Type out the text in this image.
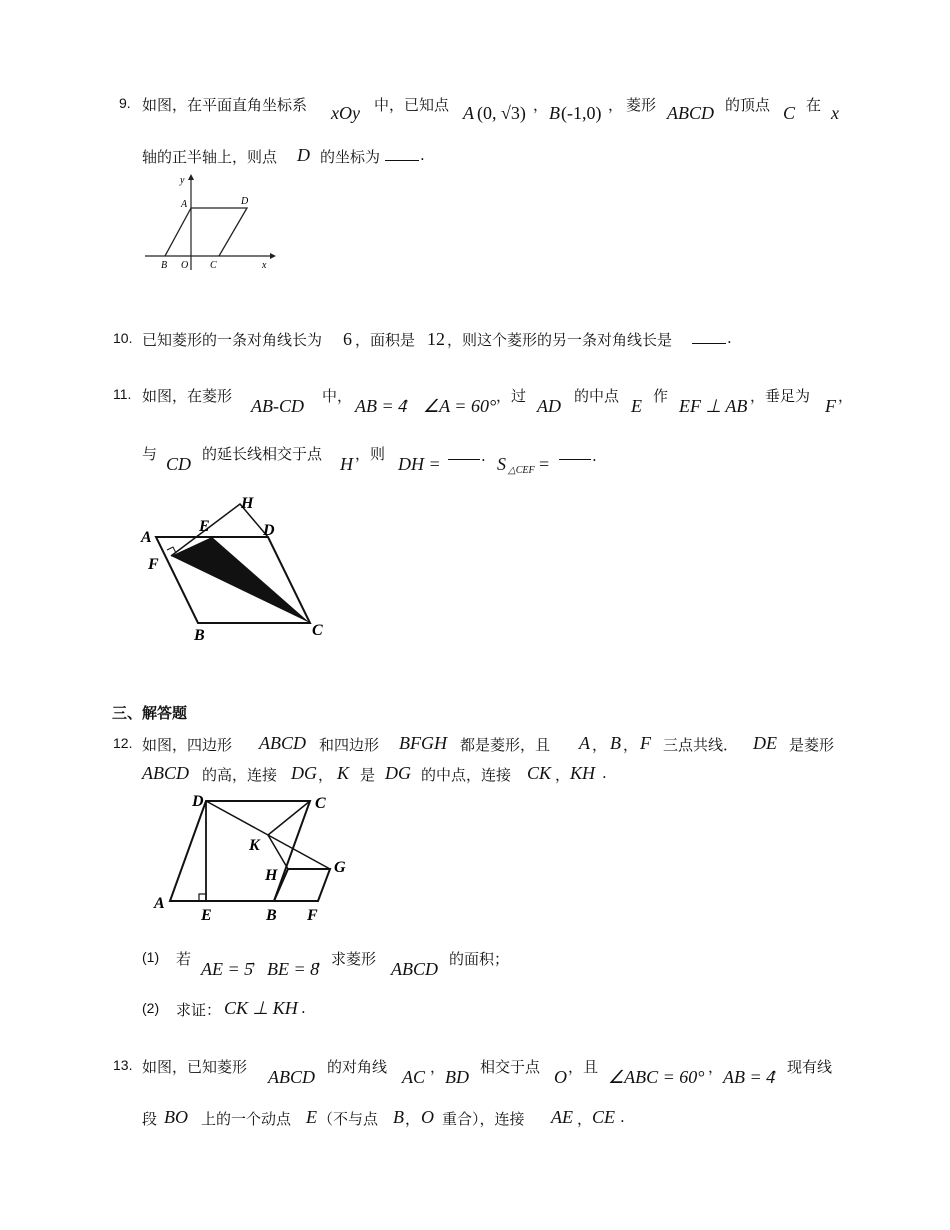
9. 如图，在平面直角坐标系 xOy 中，已知点 A (0, √3) ， B (-1,0) ， 菱形 ABCD 的顶点 C 在 x
轴的正半轴上，则点 D 的坐标为	.
y
x
A	D
B O C
10. 已知菱形的一条对角线长为 6 ，面积是 12 ，则这个菱形的另一条对角线长是	.
11. 如图，在菱形 AB-CD 中， AB = 4
， ∠A = 60° ，过 AD 的中点 E 作 EF ⊥ AB ，垂足为 F ，
与 CD 的延长线相交于点 H ，则 DH =	. S △CEF =	.
H
A
E	D
F
B	C
三、解答题
12. 如图，四边形 ABCD 和四边形 BFGH 都是菱形，且 A ， B ， F 三点共线． DE 是菱形
ABCD 的高，连接 DG ， K 是 DG 的中点，连接 CK ， KH .
D	C
K
G
H
A
E	B F
(1) 若 AE = 5
， BE = 8
，求菱形 ABCD 的面积；
(2) 求证： CK ⊥ KH .
13. 如图，已知菱形 ABCD 的对角线 AC ， BD 相交于点 O ，且 ∠ABC = 60° ， AB = 4
，现有线
段 BO 上的一个动点 E （不与点 B ， O 重合），连接 AE ， CE .
